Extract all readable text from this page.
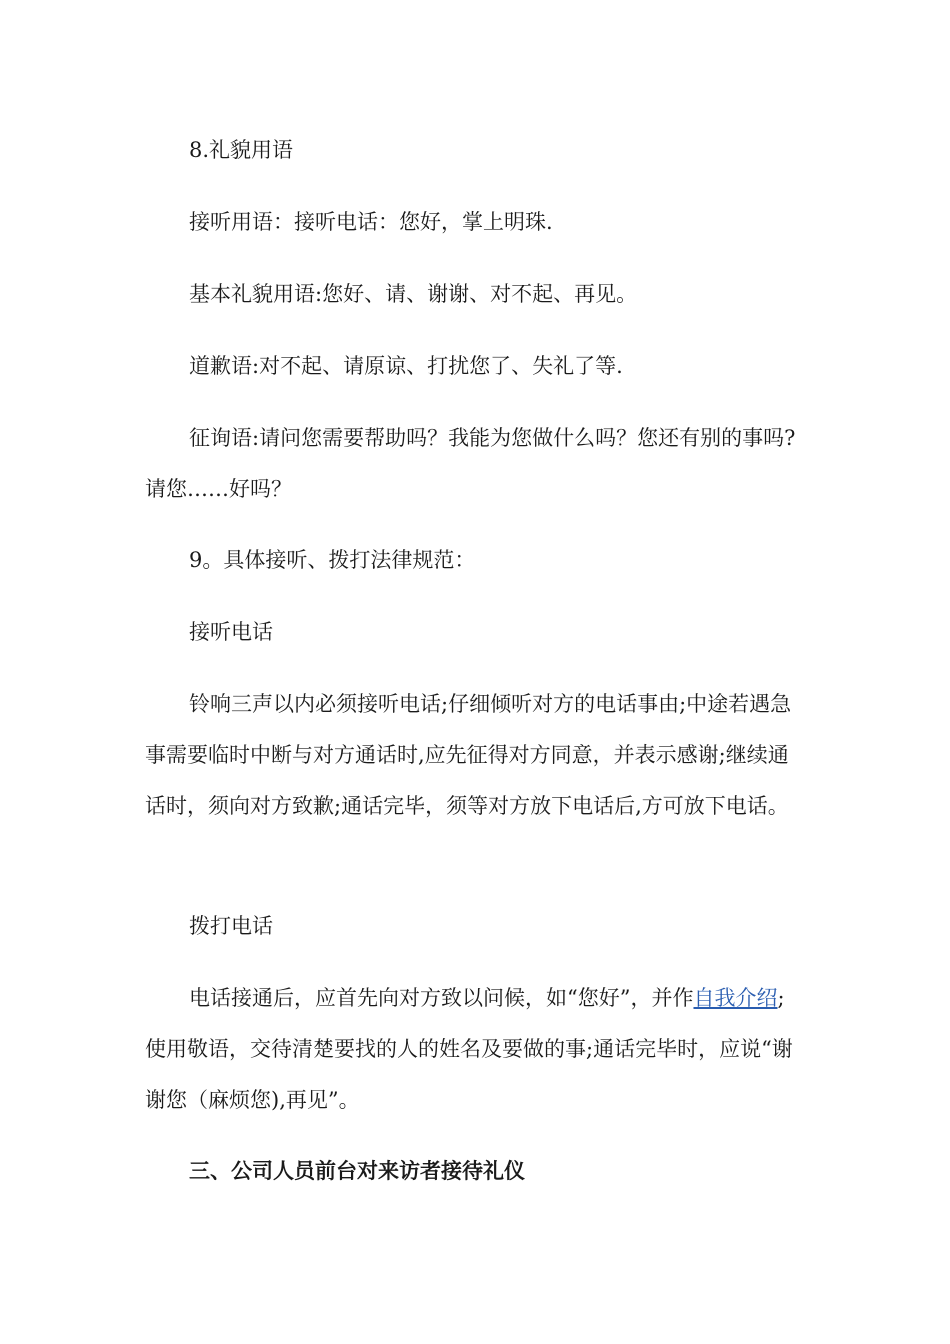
8.礼貌用语

接听用语：接听电话：您好，掌上明珠.

基本礼貌用语:您好、请、谢谢、对不起、再见。

道歉语:对不起、请原谅、打扰您了、失礼了等.

征询语:请问您需要帮助吗？我能为您做什么吗？您还有别的事吗?请您……好吗？

9。具体接听、拨打法律规范：

接听电话

铃响三声以内必须接听电话;仔细倾听对方的电话事由;中途若遇急事需要临时中断与对方通话时,应先征得对方同意，并表示感谢;继续通话时，须向对方致歉;通话完毕，须等对方放下电话后,方可放下电话。

拨打电话

电话接通后，应首先向对方致以问候，如“您好”，并作自我介绍;使用敬语，交待清楚要找的人的姓名及要做的事;通话完毕时，应说“谢谢您（麻烦您),再见”。

三、公司人员前台对来访者接待礼仪
